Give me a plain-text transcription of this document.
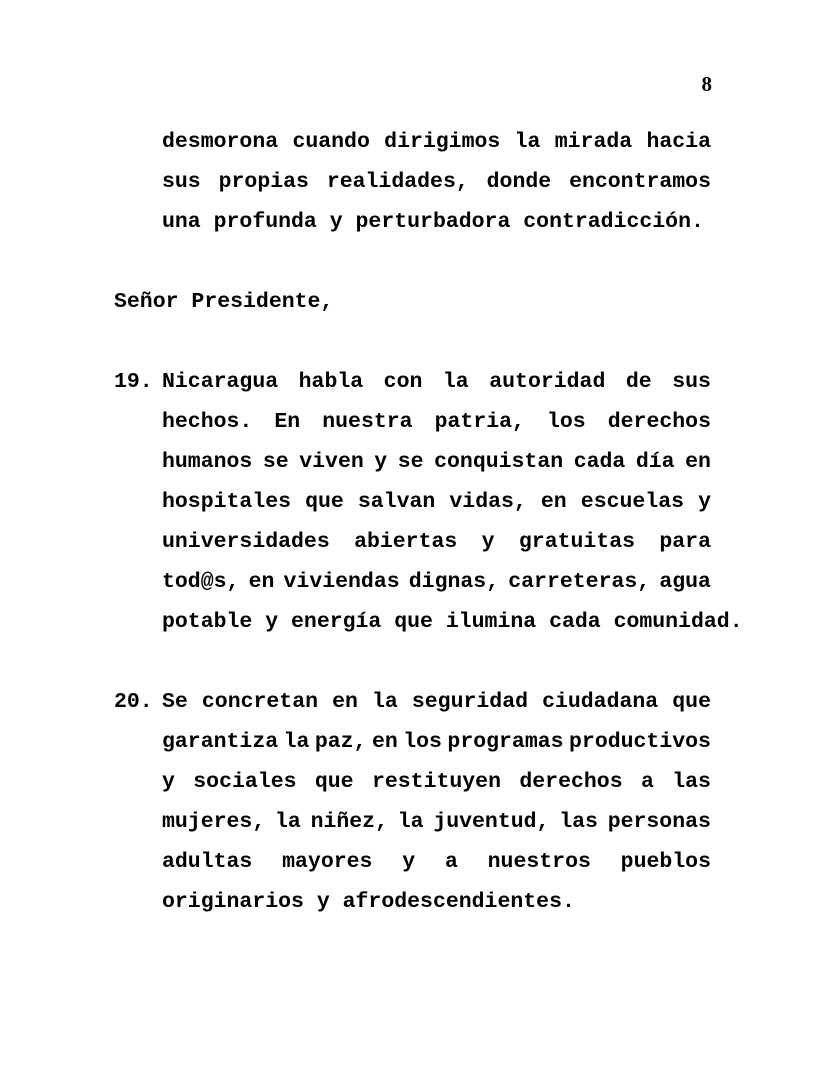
8
desmorona cuando dirigimos la mirada hacia
sus propias realidades, donde encontramos
una profunda y perturbadora contradicción.
Señor Presidente,
19. Nicaragua habla con la autoridad de sus
hechos. En nuestra patria, los derechos
humanos se viven y se conquistan cada día en
hospitales que salvan vidas, en escuelas y
universidades abiertas y gratuitas para
tod@s, en viviendas dignas, carreteras, agua
potable y energía que ilumina cada comunidad.
20. Se concretan en la seguridad ciudadana que
garantiza la paz, en los programas productivos
y sociales que restituyen derechos a las
mujeres, la niñez, la juventud, las personas
adultas mayores y a nuestros pueblos
originarios y afrodescendientes.
